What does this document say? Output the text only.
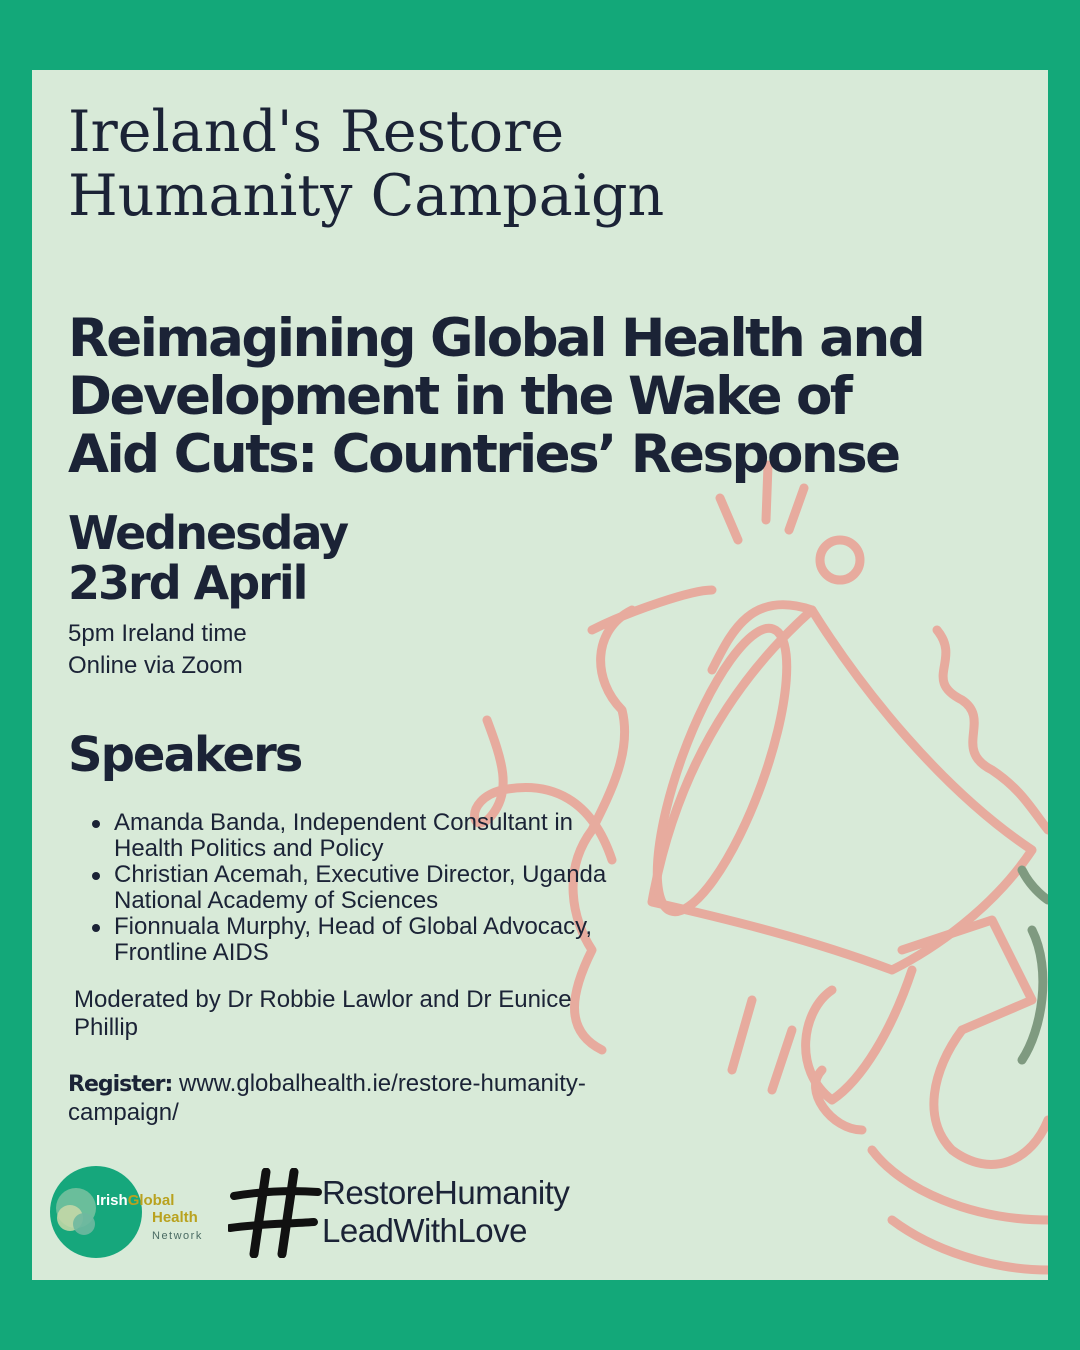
Ireland's Restore
Humanity Campaign
Reimagining Global Health and
Development in the Wake of
Aid Cuts: Countries’ Response
Wednesday
23rd April
5pm Ireland time
Online via Zoom
Speakers
Amanda Banda, Independent Consultant in
Health Politics and Policy
Christian Acemah, Executive Director, Uganda
National Academy of Sciences
Fionnuala Murphy, Head of Global Advocacy,
Frontline AIDS
Moderated by Dr Robbie Lawlor and Dr Eunice
Phillip
Register: www.globalhealth.ie/restore-humanity-
campaign/
IrishGlobal
Health
Network
RestoreHumanity
LeadWithLove
